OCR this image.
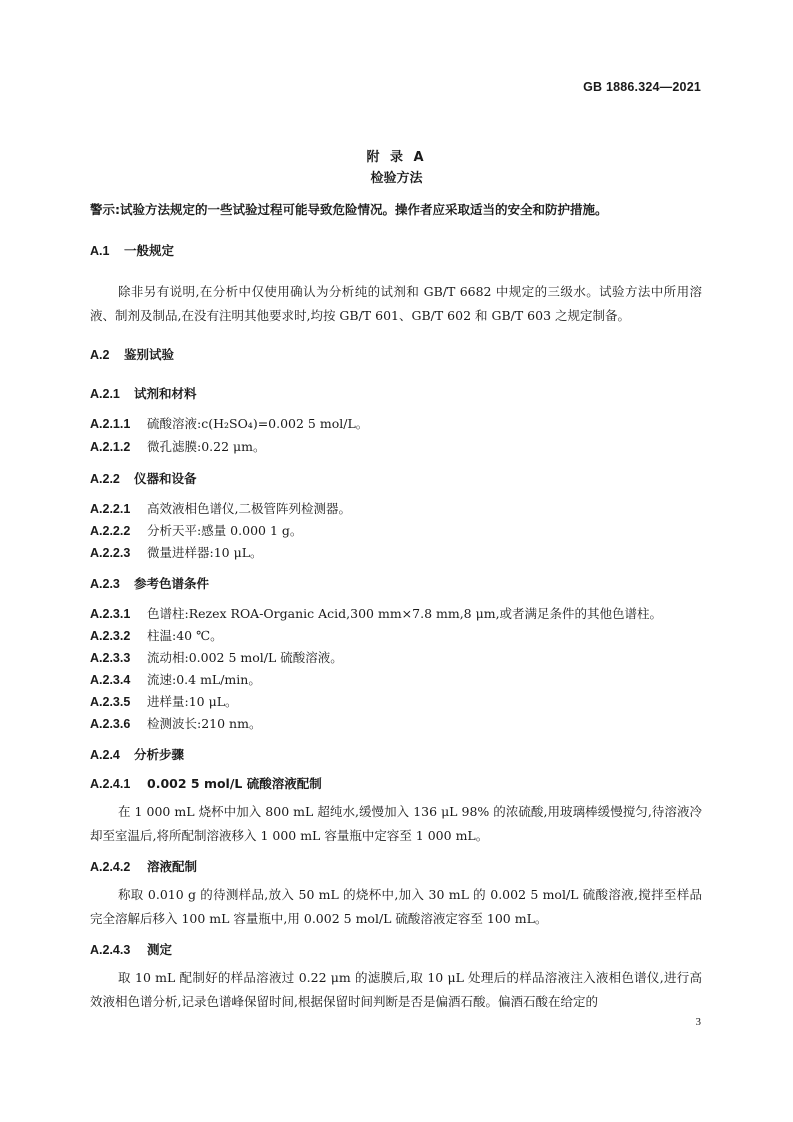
GB 1886.324—2021
附 录 A
检验方法
警示:试验方法规定的一些试验过程可能导致危险情况。操作者应采取适当的安全和防护措施。
A.1 一般规定

除非另有说明,在分析中仅使用确认为分析纯的试剂和 GB/T 6682 中规定的三级水。试验方法中所用溶液、制剂及制品,在没有注明其他要求时,均按 GB/T 601、GB/T 602 和 GB/T 603 之规定制备。

A.2 鉴别试验
A.2.1 试剂和材料
A.2.1.1 硫酸溶液:c(H₂SO₄)=0.002 5 mol/L。
A.2.1.2 微孔滤膜:0.22 μm。
A.2.2 仪器和设备
A.2.2.1 高效液相色谱仪,二极管阵列检测器。
A.2.2.2 分析天平:感量 0.000 1 g。
A.2.2.3 微量进样器:10 μL。
A.2.3 参考色谱条件
A.2.3.1 色谱柱:Rezex ROA-Organic Acid,300 mm×7.8 mm,8 μm,或者满足条件的其他色谱柱。
A.2.3.2 柱温:40 ℃。
A.2.3.3 流动相:0.002 5 mol/L 硫酸溶液。
A.2.3.4 流速:0.4 mL/min。
A.2.3.5 进样量:10 μL。
A.2.3.6 检测波长:210 nm。
A.2.4 分析步骤
A.2.4.1 0.002 5 mol/L 硫酸溶液配制

在 1 000 mL 烧杯中加入 800 mL 超纯水,缓慢加入 136 μL 98% 的浓硫酸,用玻璃棒缓慢搅匀,待溶液冷却至室温后,将所配制溶液移入 1 000 mL 容量瓶中定容至 1 000 mL。

A.2.4.2 溶液配制

称取 0.010 g 的待测样品,放入 50 mL 的烧杯中,加入 30 mL 的 0.002 5 mol/L 硫酸溶液,搅拌至样品完全溶解后移入 100 mL 容量瓶中,用 0.002 5 mol/L 硫酸溶液定容至 100 mL。

A.2.4.3 测定

取 10 mL 配制好的样品溶液过 0.22 μm 的滤膜后,取 10 μL 处理后的样品溶液注入液相色谱仪,进行高效液相色谱分析,记录色谱峰保留时间,根据保留时间判断是否是偏酒石酸。偏酒石酸在给定的

3
